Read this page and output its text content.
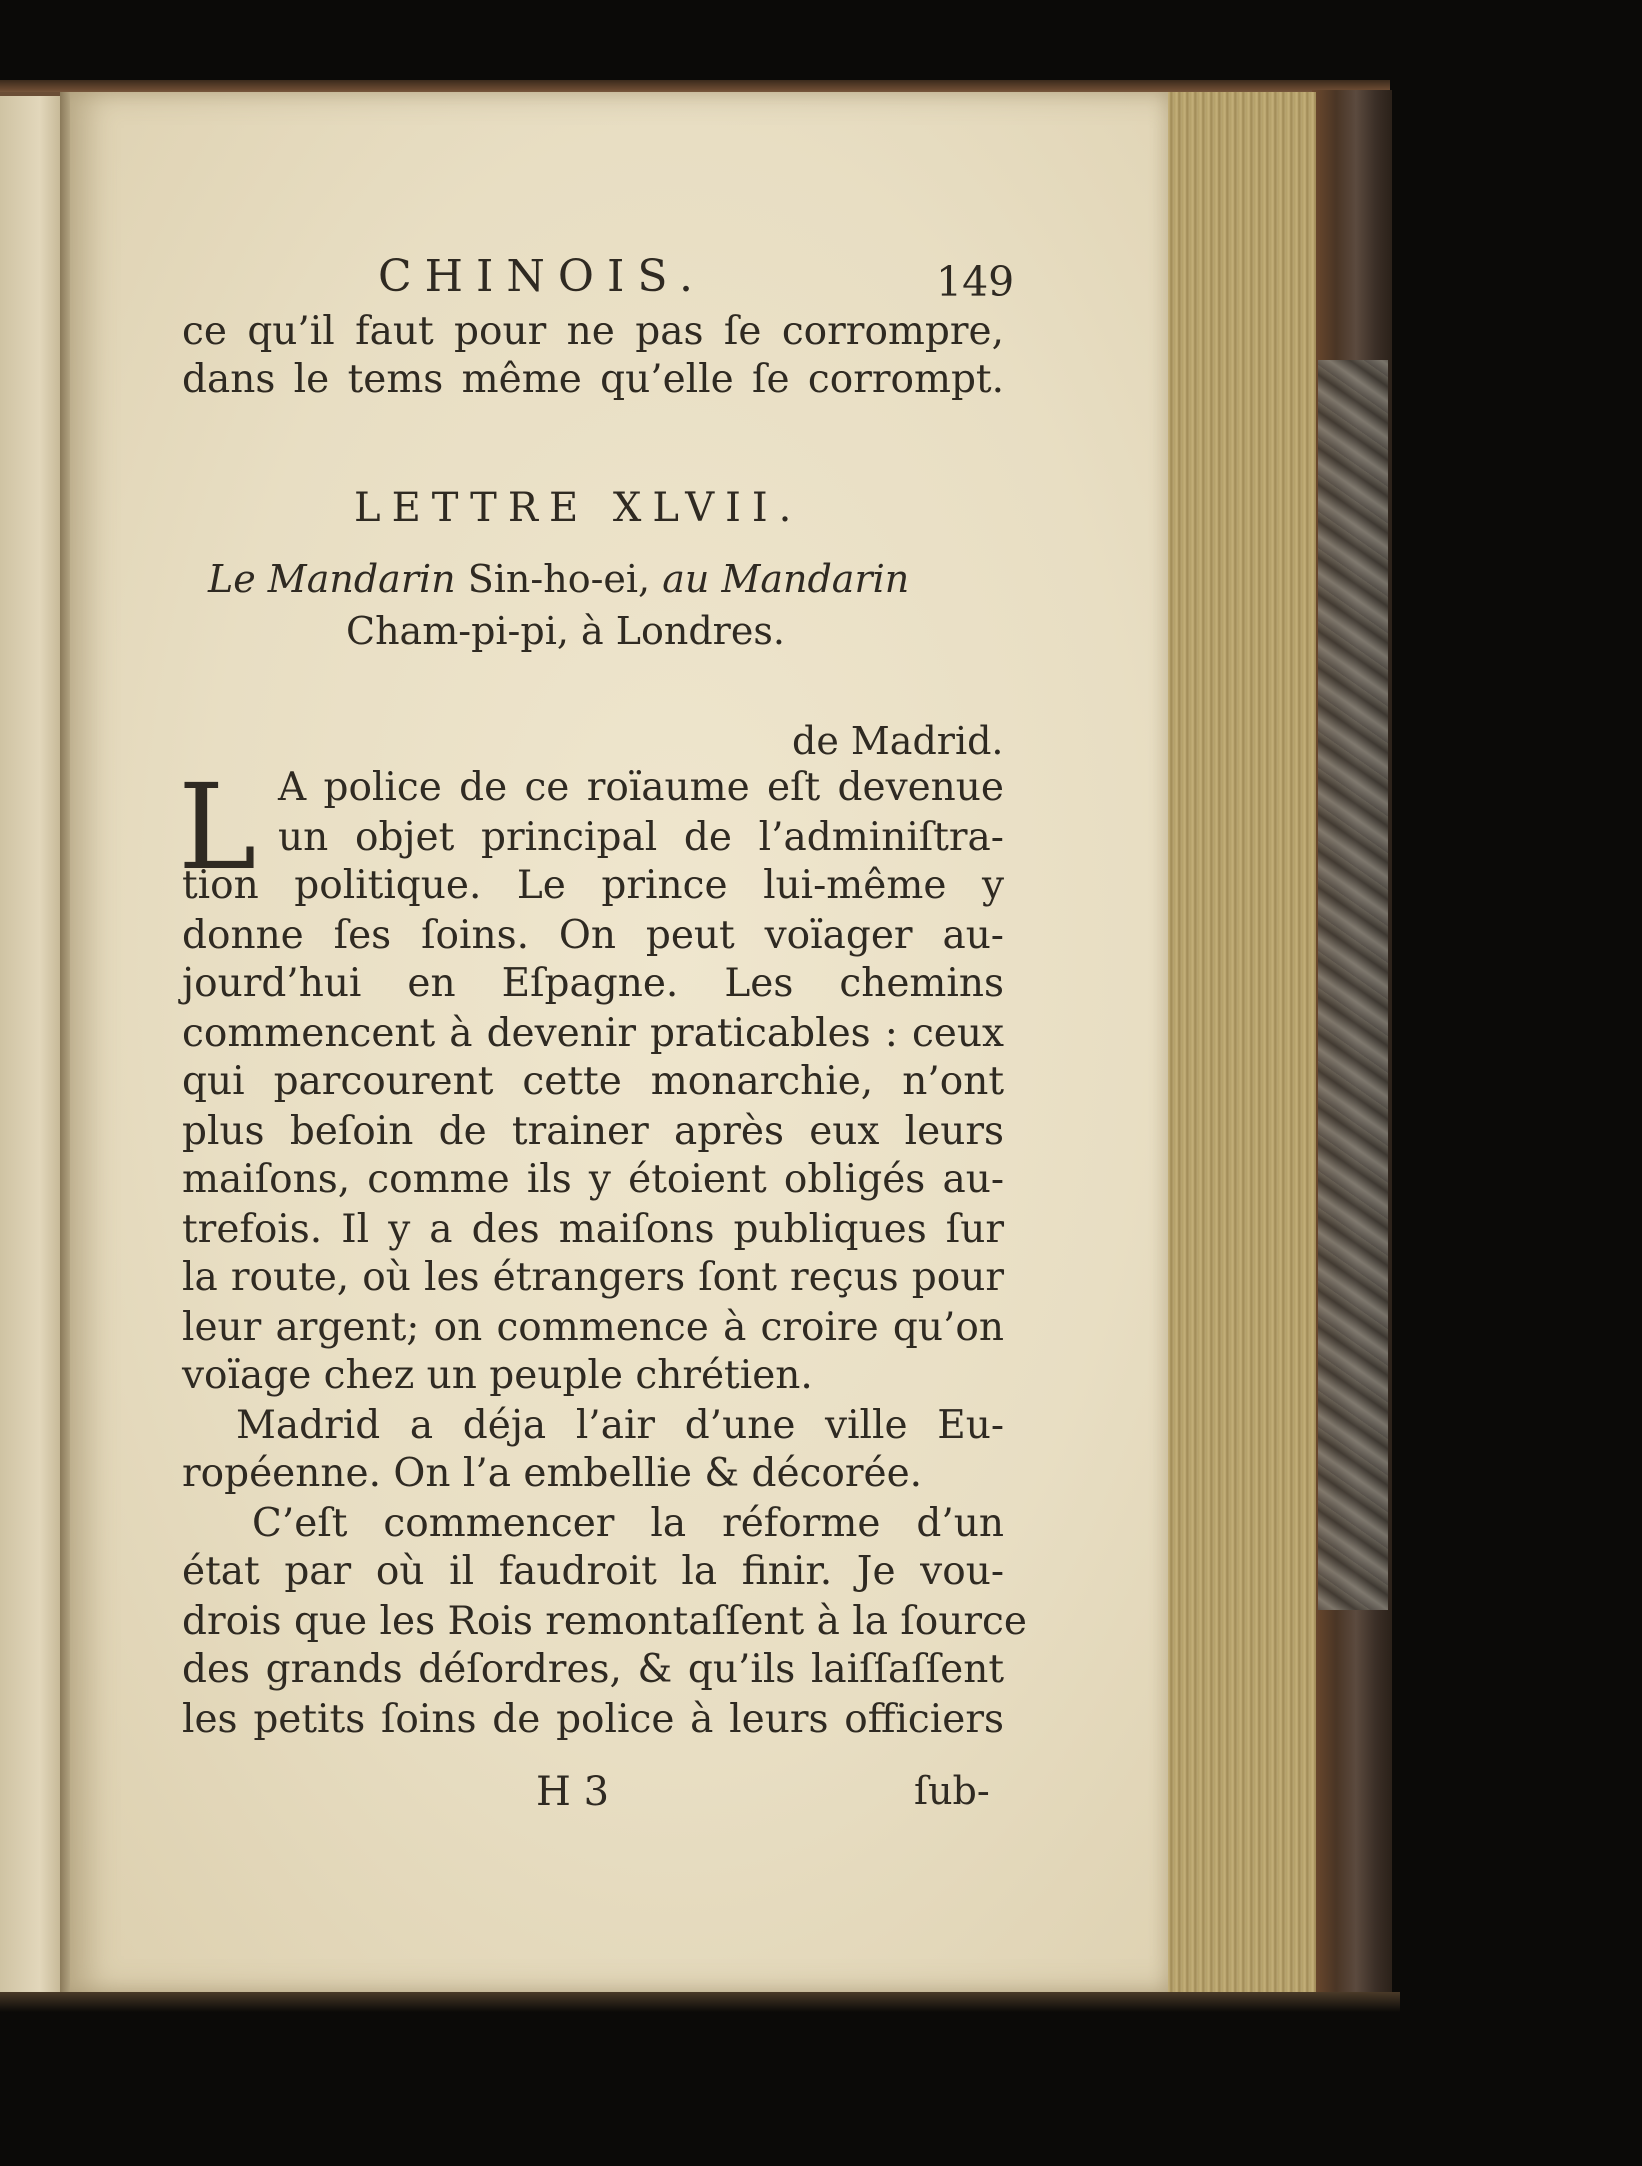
CHINOIS.	149

ce qu’il faut pour ne pas ſe corrompre,

dans le tems même qu’elle ſe corrompt.

LETTRE XLVII.

Le Mandarin Sin-ho-ei, au Mandarin

Cham-pi-pi, à Londres.

de Madrid.

L A police de ce roïaume eſt devenue

un objet principal de l’adminiſtra-

tion politique. Le prince lui-même y

donne ſes ſoins. On peut voïager au-

jourd’hui en Eſpagne. Les chemins

commencent à devenir praticables : ceux

qui parcourent cette monarchie, n’ont

plus beſoin de trainer après eux leurs

maiſons, comme ils y étoient obligés au-

trefois. Il y a des maiſons publiques ſur

la route, où les étrangers ſont reçus pour

leur argent; on commence à croire qu’on

voïage chez un peuple chrétien.

Madrid a déja l’air d’une ville Eu-

ropéenne. On l’a embellie & décorée.

C’eſt commencer la réforme d’un

état par où il faudroit la finir. Je vou-

drois que les Rois remontaſſent à la ſource

des grands déſordres, & qu’ils laiſſaſſent

les petits ſoins de police à leurs officiers

H 3	ſub-
